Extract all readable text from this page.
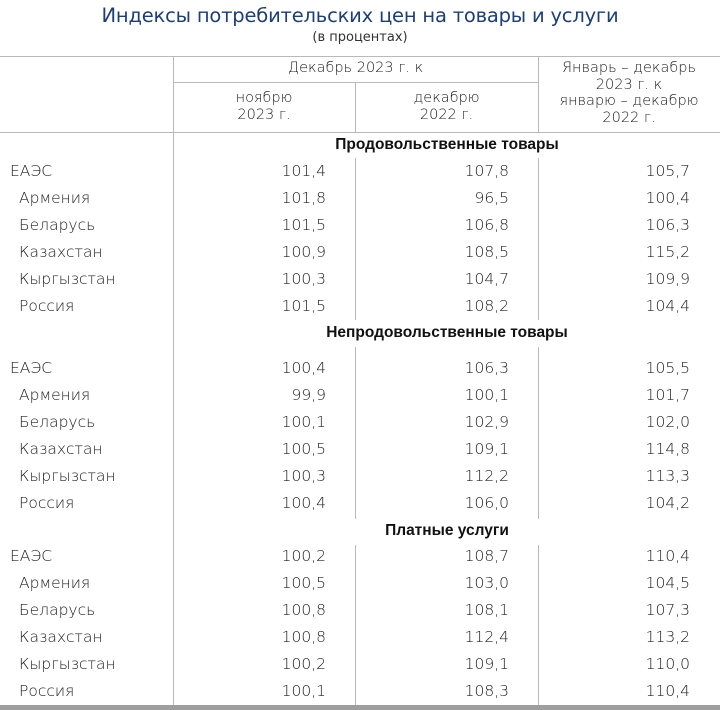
Индексы потребительских цен на товары и услуги
(в процентах)
Декабрь 2023 г. к
ноябрю
2023 г.
декабрю
2022 г.
Январь – декабрь
2023 г. к
январю – декабрю
2022 г.
Продовольственные товары
ЕАЭС	101,4	107,8	105,7
Армения	101,8	96,5	100,4
Беларусь	101,5	106,8	106,3
Казахстан	100,9	108,5	115,2
Кыргызстан	100,3	104,7	109,9
Россия	101,5	108,2	104,4
Непродовольственные товары
ЕАЭС	100,4	106,3	105,5
Армения	99,9	100,1	101,7
Беларусь	100,1	102,9	102,0
Казахстан	100,5	109,1	114,8
Кыргызстан	100,3	112,2	113,3
Россия	100,4	106,0	104,2
Платные услуги
ЕАЭС	100,2	108,7	110,4
Армения	100,5	103,0	104,5
Беларусь	100,8	108,1	107,3
Казахстан	100,8	112,4	113,2
Кыргызстан	100,2	109,1	110,0
Россия	100,1	108,3	110,4
